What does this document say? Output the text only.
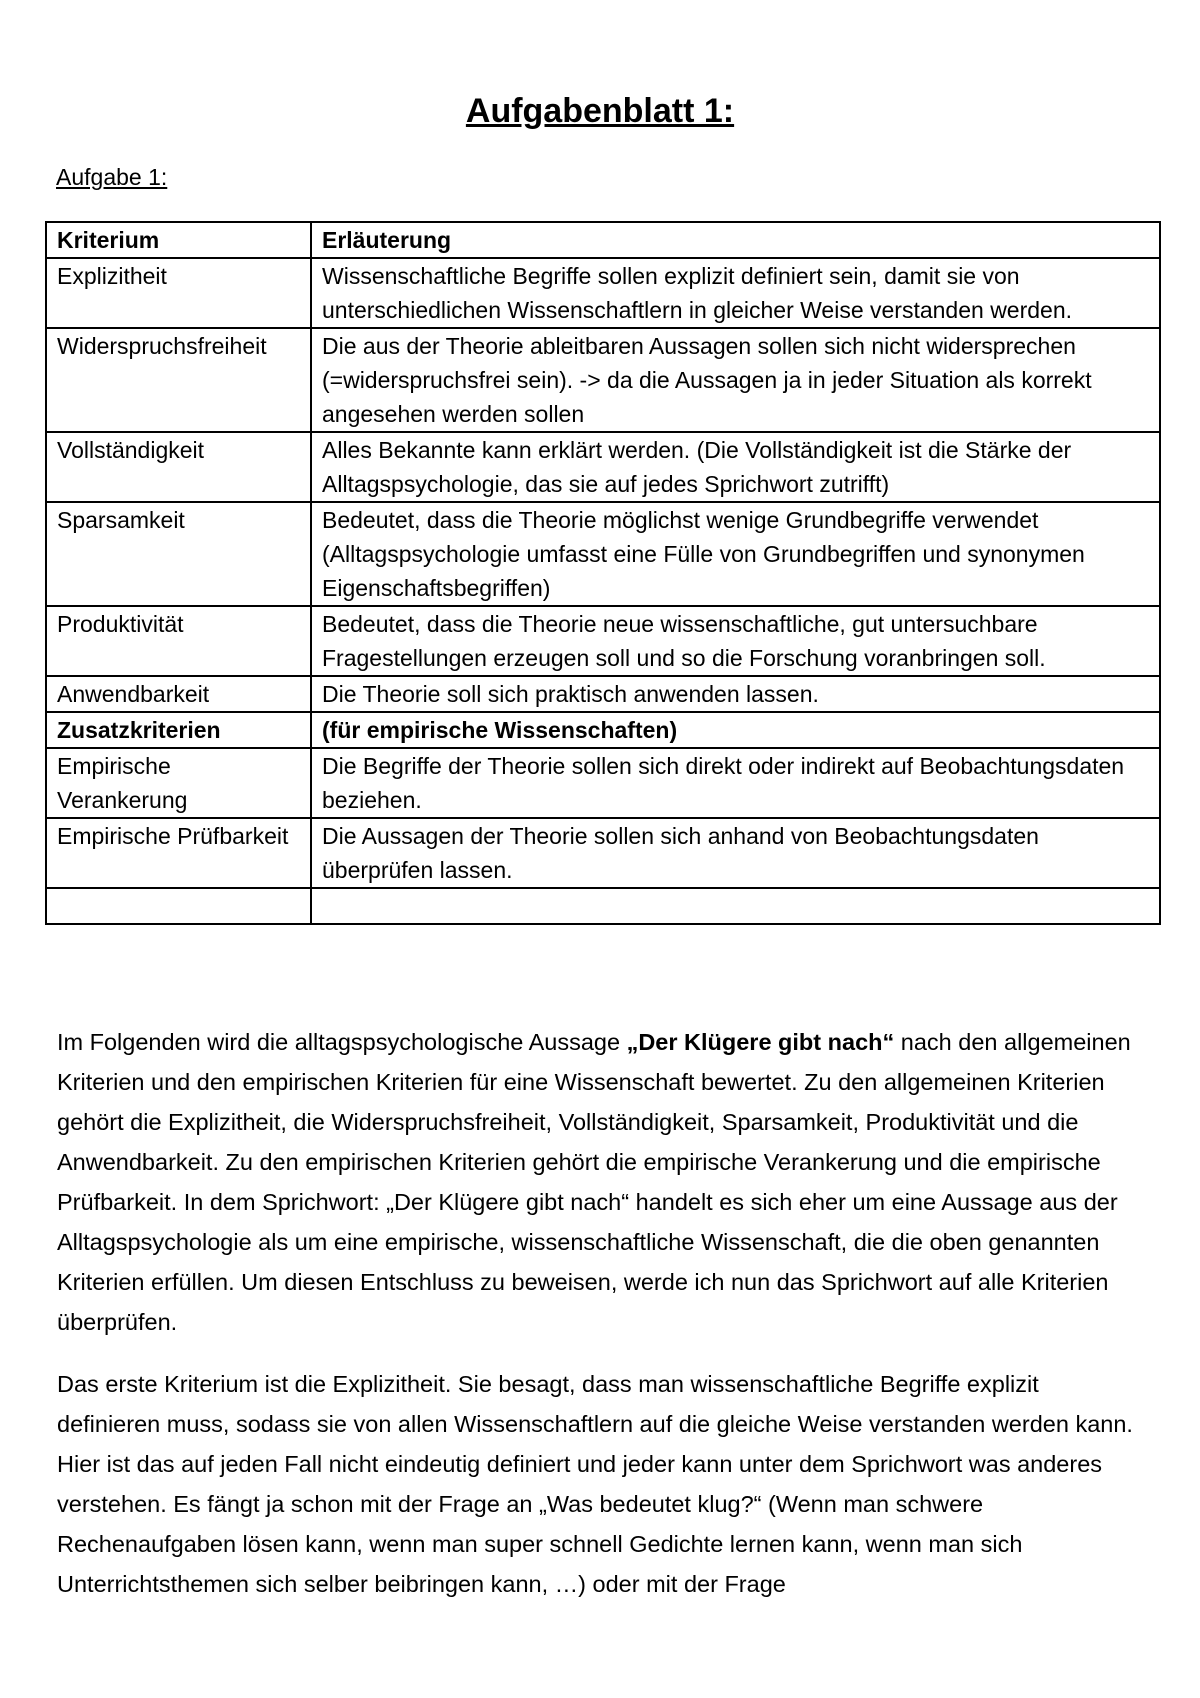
Aufgabenblatt 1:
Aufgabe 1:
Kriterium	Erläuterung
Explizitheit	Wissenschaftliche Begriffe sollen explizit definiert sein, damit sie von unterschiedlichen Wissenschaftlern in gleicher Weise verstanden werden.
Widerspruchsfreiheit	Die aus der Theorie ableitbaren Aussagen sollen sich nicht widersprechen (=widerspruchsfrei sein). -> da die Aussagen ja in jeder Situation als korrekt angesehen werden sollen
Vollständigkeit	Alles Bekannte kann erklärt werden. (Die Vollständigkeit ist die Stärke der Alltagspsychologie, das sie auf jedes Sprichwort zutrifft)
Sparsamkeit	Bedeutet, dass die Theorie möglichst wenige Grundbegriffe verwendet (Alltagspsychologie umfasst eine Fülle von Grundbegriffen und synonymen Eigenschaftsbegriffen)
Produktivität	Bedeutet, dass die Theorie neue wissenschaftliche, gut untersuchbare Fragestellungen erzeugen soll und so die Forschung voranbringen soll.
Anwendbarkeit	Die Theorie soll sich praktisch anwenden lassen.
Zusatzkriterien	(für empirische Wissenschaften)
Empirische Verankerung	Die Begriffe der Theorie sollen sich direkt oder indirekt auf Beobachtungsdaten beziehen.
Empirische Prüfbarkeit	Die Aussagen der Theorie sollen sich anhand von Beobachtungsdaten überprüfen lassen.

Im Folgenden wird die alltagspsychologische Aussage „Der Klügere gibt nach“ nach den allgemeinen Kriterien und den empirischen Kriterien für eine Wissenschaft bewertet. Zu den allgemeinen Kriterien gehört die Explizitheit, die Widerspruchsfreiheit, Vollständigkeit, Sparsamkeit, Produktivität und die Anwendbarkeit. Zu den empirischen Kriterien gehört die empirische Verankerung und die empirische Prüfbarkeit. In dem Sprichwort: „Der Klügere gibt nach“ handelt es sich eher um eine Aussage aus der Alltagspsychologie als um eine empirische, wissenschaftliche Wissenschaft, die die oben genannten Kriterien erfüllen. Um diesen Entschluss zu beweisen, werde ich nun das Sprichwort auf alle Kriterien überprüfen.

Das erste Kriterium ist die Explizitheit. Sie besagt, dass man wissenschaftliche Begriffe explizit definieren muss, sodass sie von allen Wissenschaftlern auf die gleiche Weise verstanden werden kann. Hier ist das auf jeden Fall nicht eindeutig definiert und jeder kann unter dem Sprichwort was anderes verstehen. Es fängt ja schon mit der Frage an „Was bedeutet klug?“ (Wenn man schwere Rechenaufgaben lösen kann, wenn man super schnell Gedichte lernen kann, wenn man sich Unterrichtsthemen sich selber beibringen kann, …) oder mit der Frage
